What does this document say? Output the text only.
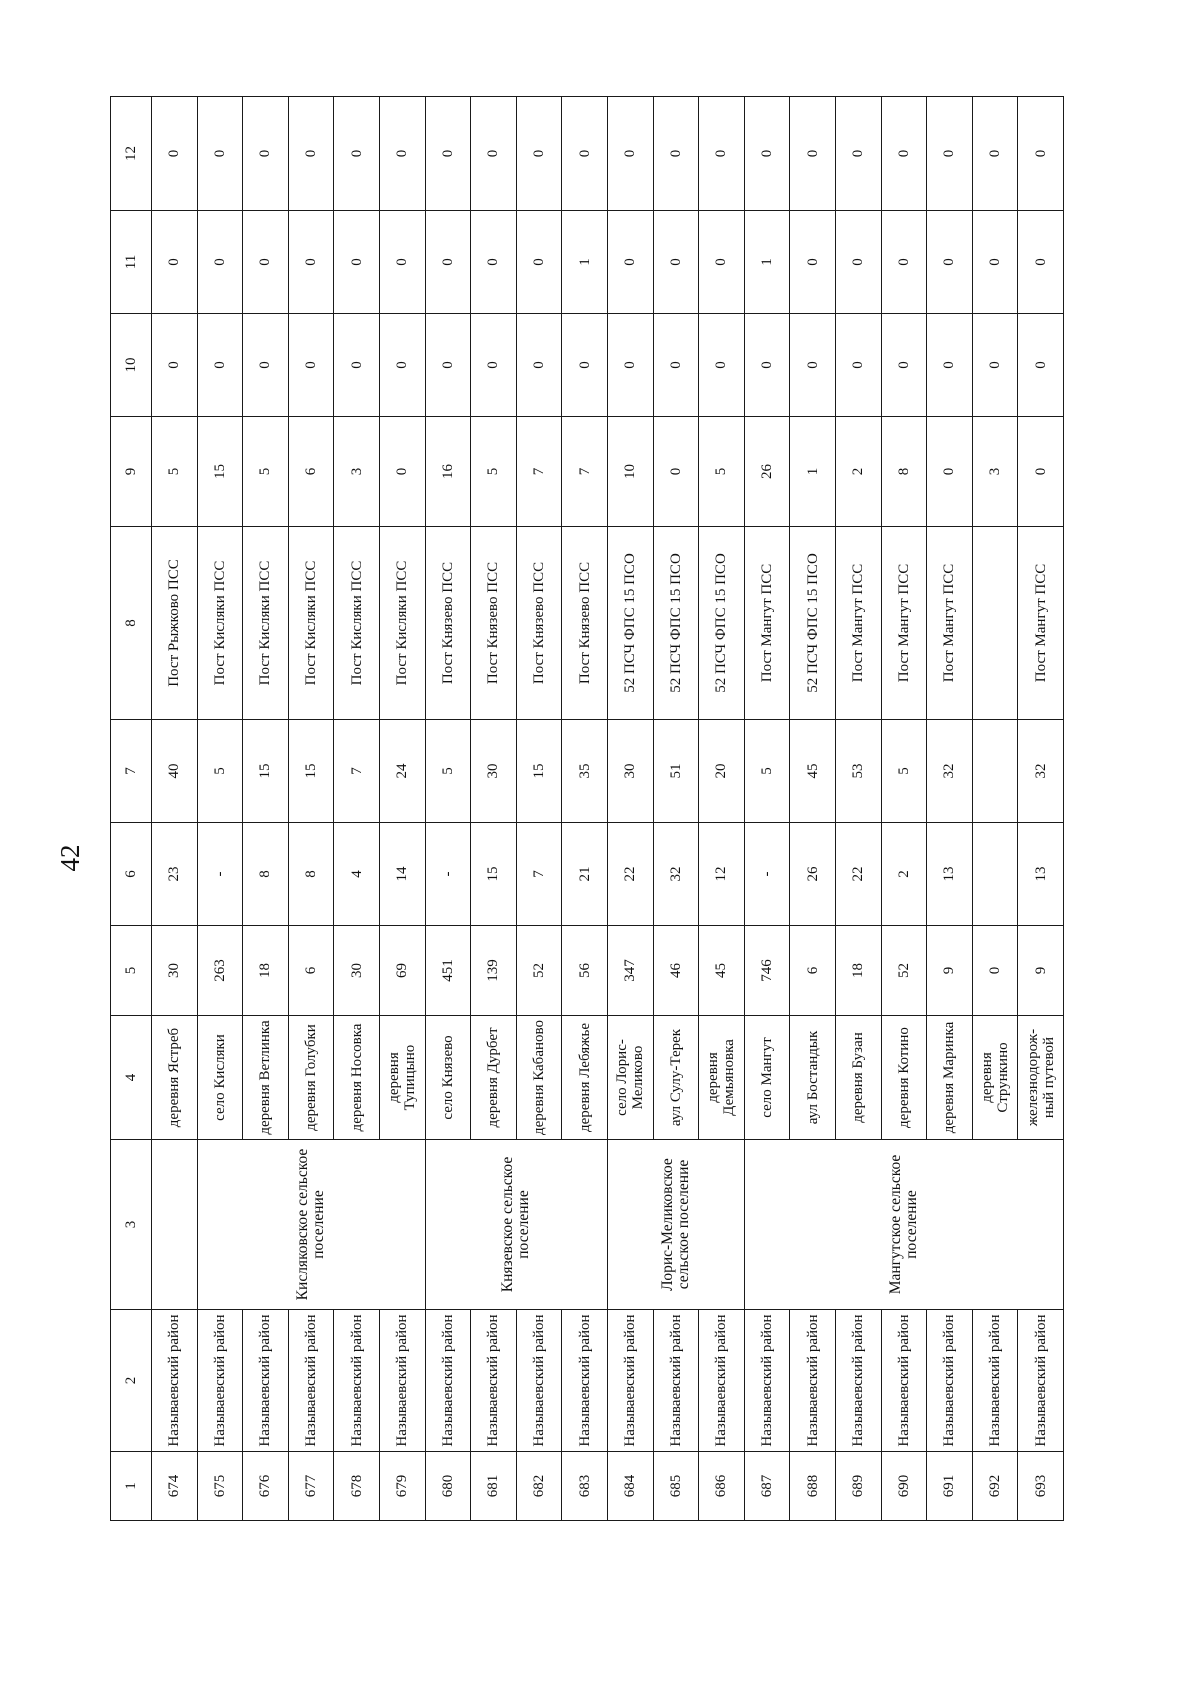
42
1	2	3	4	5	6	7	8	9	10	11	12
674	Называевский район		деревня Ястреб	30	23	40	Пост Рыжково ПСС	5	0	0	0
675	Называевский район	Кисляковское сельское поселение	село Кисляки	263	-	5	Пост Кисляки ПСС	15	0	0	0
676	Называевский район		деревня Ветлинка	18	8	15	Пост Кисляки ПСС	5	0	0	0
677	Называевский район		деревня Голубки	6	8	15	Пост Кисляки ПСС	6	0	0	0
678	Называевский район		деревня Носовка	30	4	7	Пост Кисляки ПСС	3	0	0	0
679	Называевский район		деревня Тупицыно	69	14	24	Пост Кисляки ПСС	0	0	0	0
680	Называевский район	Князевское сельское поселение	село Князево	451	-	5	Пост Князево ПСС	16	0	0	0
681	Называевский район		деревня Дурбет	139	15	30	Пост Князево ПСС	5	0	0	0
682	Называевский район		деревня Кабаново	52	7	15	Пост Князево ПСС	7	0	0	0
683	Называевский район		деревня Лебяжье	56	21	35	Пост Князево ПСС	7	0	1	0
684	Называевский район	Лорис-Меликовское сельское поселение	село Лорис-Меликово	347	22	30	52 ПСЧ ФПС 15 ПСО	10	0	0	0
685	Называевский район		аул Сулу-Терек	46	32	51	52 ПСЧ ФПС 15 ПСО	0	0	0	0
686	Называевский район		деревня Демьяновка	45	12	20	52 ПСЧ ФПС 15 ПСО	5	0	0	0
687	Называевский район	Мангутское сельское поселение	село Мангут	746	-	5	Пост Мангут ПСС	26	0	1	0
688	Называевский район		аул Бостандык	6	26	45	52 ПСЧ ФПС 15 ПСО	1	0	0	0
689	Называевский район		деревня Бузан	18	22	53	Пост Мангут ПСС	2	0	0	0
690	Называевский район		деревня Котино	52	2	5	Пост Мангут ПСС	8	0	0	0
691	Называевский район		деревня Маринка	9	13	32	Пост Мангут ПСС	0	0	0	0
692	Называевский район		деревня Стрункино	0				3	0	0	0
693	Называевский район		железнодорож-ный путевой	9	13	32	Пост Мангут ПСС	0	0	0	0
